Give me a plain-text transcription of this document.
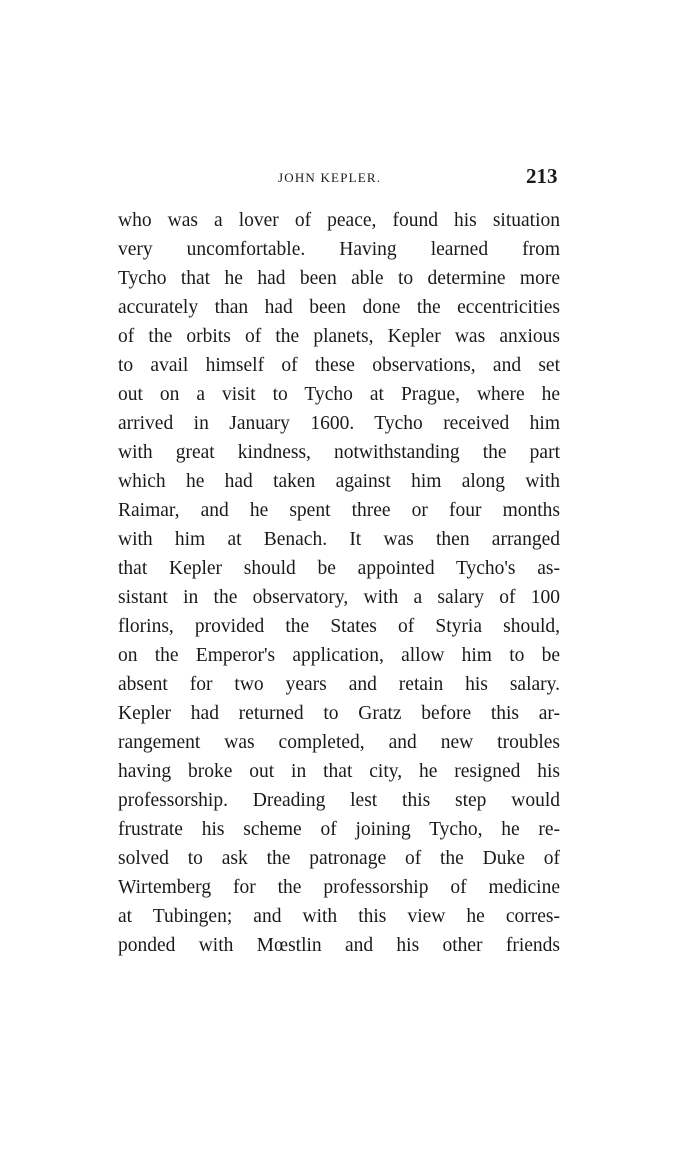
JOHN KEPLER.	213
who was a lover of peace, found his situation
very uncomfortable. Having learned from
Tycho that he had been able to determine more
accurately than had been done the eccentricities
of the orbits of the planets, Kepler was anxious
to avail himself of these observations, and set
out on a visit to Tycho at Prague, where he
arrived in January 1600. Tycho received him
with great kindness, notwithstanding the part
which he had taken against him along with
Raimar, and he spent three or four months
with him at Benach. It was then arranged
that Kepler should be appointed Tycho's as-
sistant in the observatory, with a salary of 100
florins, provided the States of Styria should,
on the Emperor's application, allow him to be
absent for two years and retain his salary.
Kepler had returned to Gratz before this ar-
rangement was completed, and new troubles
having broke out in that city, he resigned his
professorship. Dreading lest this step would
frustrate his scheme of joining Tycho, he re-
solved to ask the patronage of the Duke of
Wirtemberg for the professorship of medicine
at Tubingen; and with this view he corres-
ponded with Mœstlin and his other friends
